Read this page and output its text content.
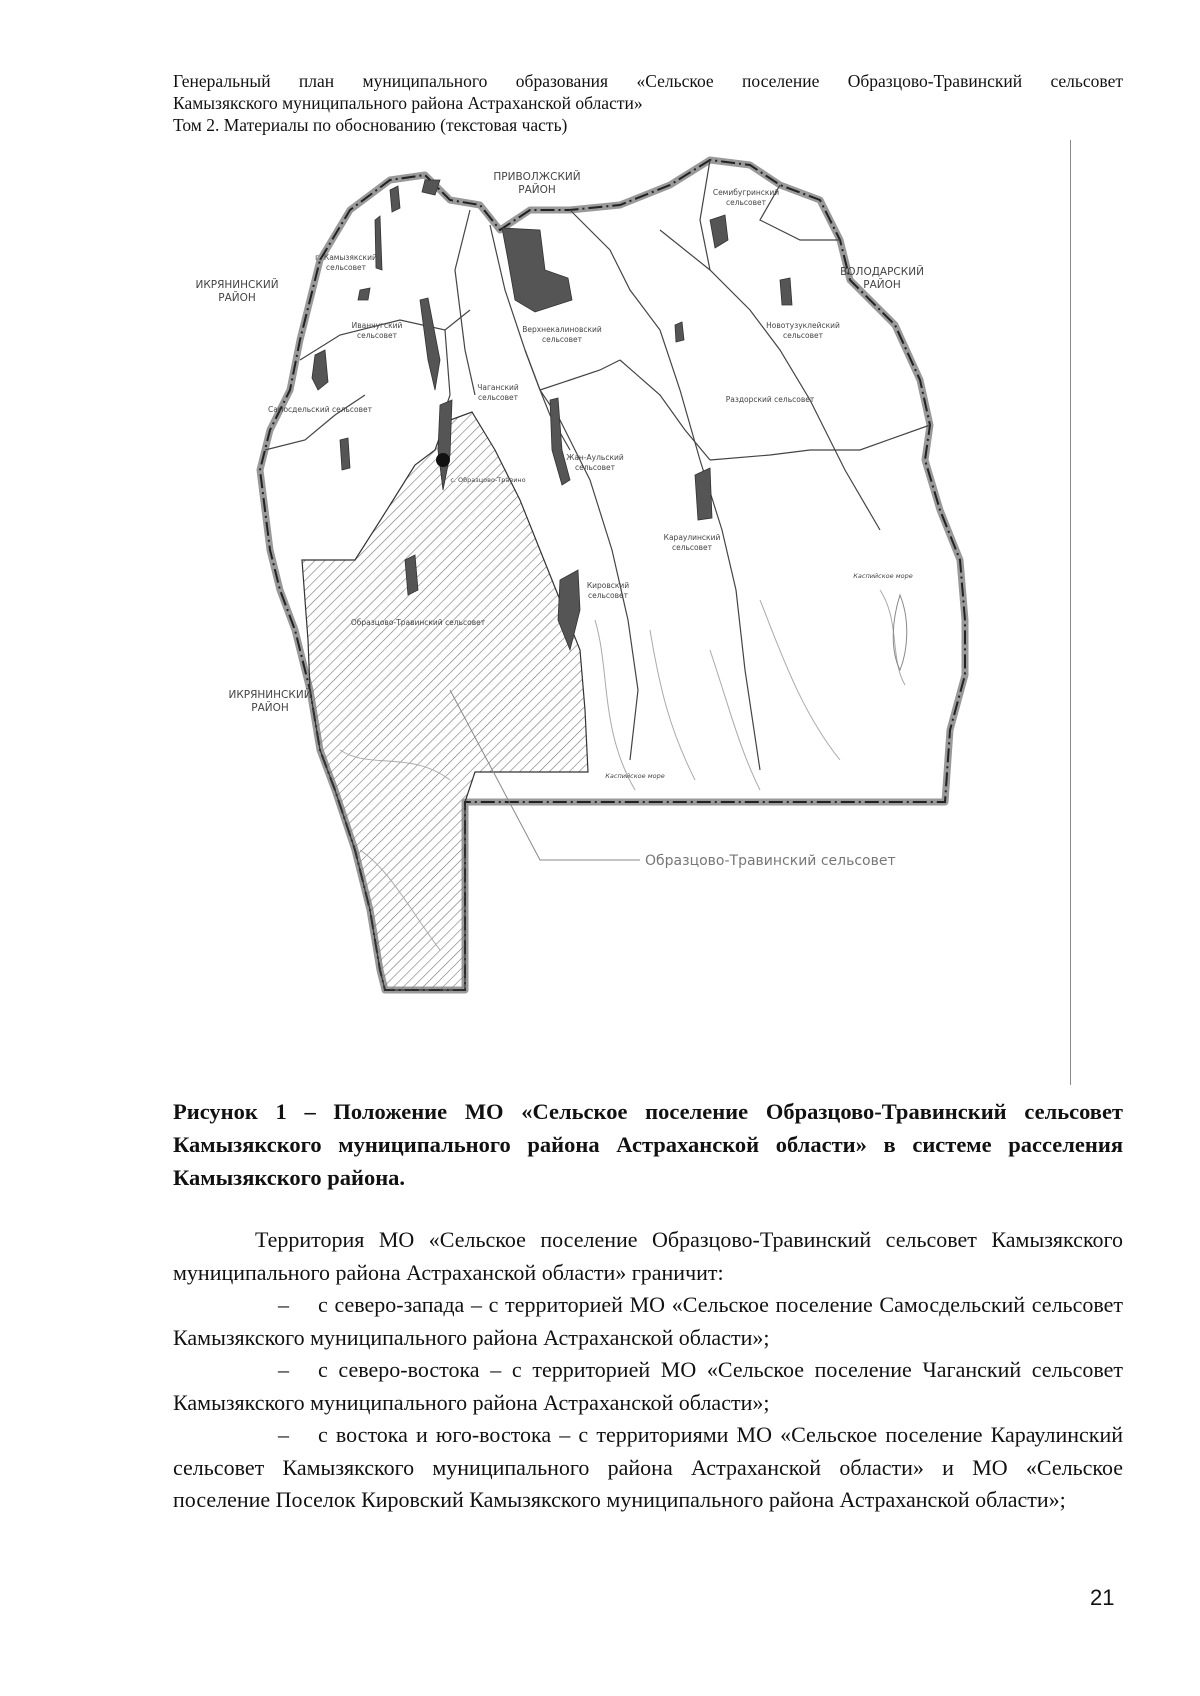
Генеральный план муниципального образования «Сельское поселение Образцово-Травинский сельсовет
Камызякского муниципального района Астраханской области»
Том 2. Материалы по обоснованию (текстовая часть)
ПРИВОЛЖСКИЙ РАЙОН
ИКРЯНИНСКИЙ РАЙОН
ВОЛОДАРСКИЙ РАЙОН
ИКРЯНИНСКИЙ РАЙОН
Семибугринский сельсовет
г. Камызякский сельсовет
Иванчугский сельсовет
Верхнекалиновский сельсовет
Новотузуклейский сельсовет
Чаганский сельсовет
Самосдельский сельсовет
Раздорский сельсовет
Жан-Аульский сельсовет
с. Образцово-Травино
Караулинский сельсовет
Кировский сельсовет
Образцово-Травинский сельсовет
Каспийское море
Каспийское море
Образцово-Травинский сельсовет
Рисунок 1 – Положение МО «Сельское поселение Образцово-Травинский сельсовет Камызякского муниципального района Астраханской области» в системе расселения Камызякского района.

Территория МО «Сельское поселение Образцово-Травинский сельсовет Камызякского муниципального района Астраханской области» граничит:

– с северо-запада – с территорией МО «Сельское поселение Самосдельский сельсовет Камызякского муниципального района Астраханской области»;

– с северо-востока – с территорией МО «Сельское поселение Чаганский сельсовет Камызякского муниципального района Астраханской области»;

– с востока и юго-востока – с территориями МО «Сельское поселение Караулинский сельсовет Камызякского муниципального района Астраханской области» и МО «Сельское поселение Поселок Кировский Камызякского муниципального района Астраханской области»;

21
